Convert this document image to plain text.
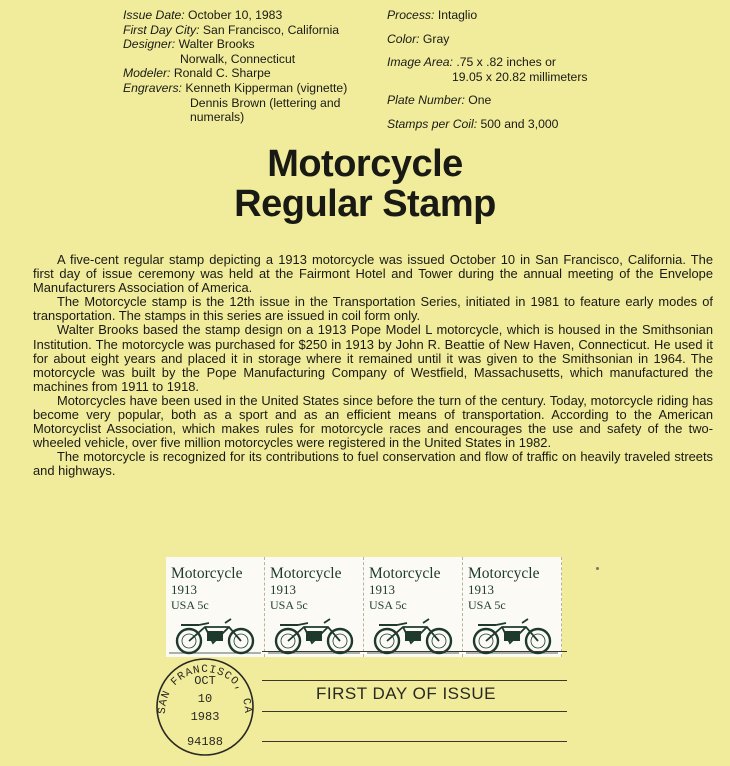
Issue Date: October 10, 1983
First Day City: San Francisco, California
Designer: Walter Brooks
Norwalk, Connecticut
Modeler: Ronald C. Sharpe
Engravers: Kenneth Kipperman (vignette)
Dennis Brown (lettering and
numerals)
Process: Intaglio
Color: Gray
Image Area: .75 x .82 inches or
19.05 x 20.82 millimeters
Plate Number: One
Stamps per Coil: 500 and 3,000
Motorcycle
Regular Stamp

A five-cent regular stamp depicting a 1913 motorcycle was issued October 10 in San Francisco, California. The first day of issue ceremony was held at the Fairmont Hotel and Tower during the annual meeting of the Envelope Manufacturers Association of America.

The Motorcycle stamp is the 12th issue in the Transportation Series, initiated in 1981 to feature early modes of transportation. The stamps in this series are issued in coil form only.

Walter Brooks based the stamp design on a 1913 Pope Model L motorcycle, which is housed in the Smithsonian Institution. The motorcycle was purchased for $250 in 1913 by John R. Beattie of New Haven, Connecticut. He used it for about eight years and placed it in storage where it remained until it was given to the Smithsonian in 1964. The motorcycle was built by the Pope Manufacturing Company of Westfield, Massachusetts, which manufactured the machines from 1911 to 1918.

Motorcycles have been used in the United States since before the turn of the century. Today, motorcycle riding has become very popular, both as a sport and as an efficient means of transportation. According to the American Motorcyclist Association, which makes rules for motorcycle races and encourages the use and safety of the two-wheeled vehicle, over five million motorcycles were registered in the United States in 1982.

The motorcycle is recognized for its contributions to fuel conservation and flow of traffic on heavily traveled streets and highways.

Motorcycle
1913
USA 5c
Motorcycle
1913
USA 5c
Motorcycle
1913
USA 5c
Motorcycle
1913
USA 5c
SAN FRANCISCO, CA
OCT
10
1983
94188
FIRST DAY OF ISSUE
